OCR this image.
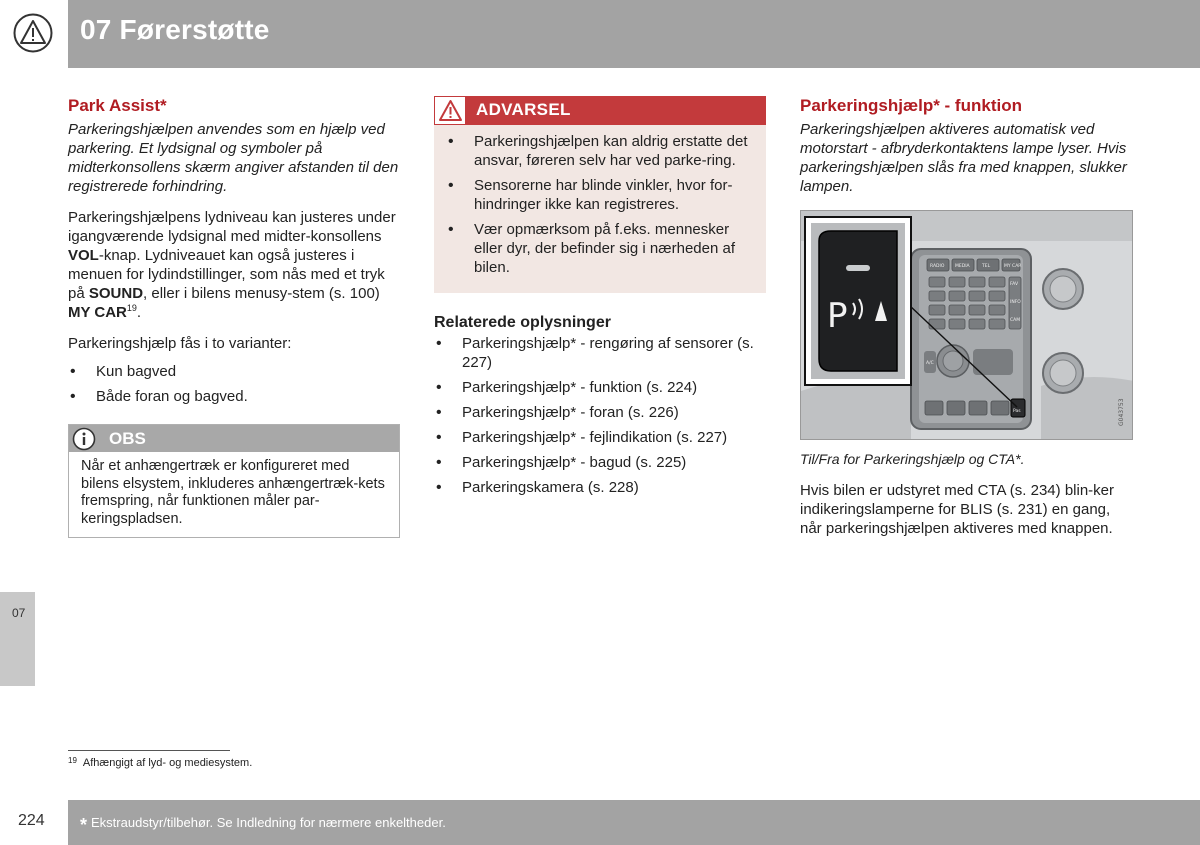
07 Førerstøtte
07
Park Assist*
Parkeringshjælpen anvendes som en hjælp ved parkering. Et lydsignal og symboler på midterkonsollens skærm angiver afstanden til den registrerede forhindring.

Parkeringshjælpens lydniveau kan justeres under igangværende lydsignal med midter-konsollens VOL-knap. Lydniveauet kan også justeres i menuen for lydindstillinger, som nås med et tryk på SOUND, eller i bilens menusy-stem (s. 100) MY CAR$^{19}$.

Parkeringshjælp fås i to varianter:

• Kun bagved
• Både foran og bagved.
OBS
Når et anhængertræk er konfigureret med bilens elsystem, inkluderes anhængertræk-kets fremspring, når funktionen måler par-keringspladsen.
ADVARSEL
• Parkeringshjælpen kan aldrig erstatte det ansvar, føreren selv har ved parke-ring.
• Sensorerne har blinde vinkler, hvor for-hindringer ikke kan registreres.
• Vær opmærksom på f.eks. mennesker eller dyr, der befinder sig i nærheden af bilen.
Relaterede oplysninger
• Parkeringshjælp* - rengøring af sensorer (s. 227)
• Parkeringshjælp* - funktion (s. 224)
• Parkeringshjælp* - foran (s. 226)
• Parkeringshjælp* - fejlindikation (s. 227)
• Parkeringshjælp* - bagud (s. 225)
• Parkeringskamera (s. 228)
Parkeringshjælp* - funktion
Parkeringshjælpen aktiveres automatisk ved motorstart - afbryderkontaktens lampe lyser. Hvis parkeringshjælpen slås fra med knappen, slukker lampen.
RADIO MEDIA	TEL	MY CAR
FAV
INFO
CAM
A/C
Pas
P
G043753
Til/Fra for Parkeringshjælp og CTA*.

Hvis bilen er udstyret med CTA (s. 234) blin-ker indikeringslamperne for BLIS (s. 231) en gang, når parkeringshjælpen aktiveres med knappen.

$^{19}$ Afhængigt af lyd- og mediesystem.
224 * Ekstraudstyr/tilbehør. Se Indledning for nærmere enkeltheder.
